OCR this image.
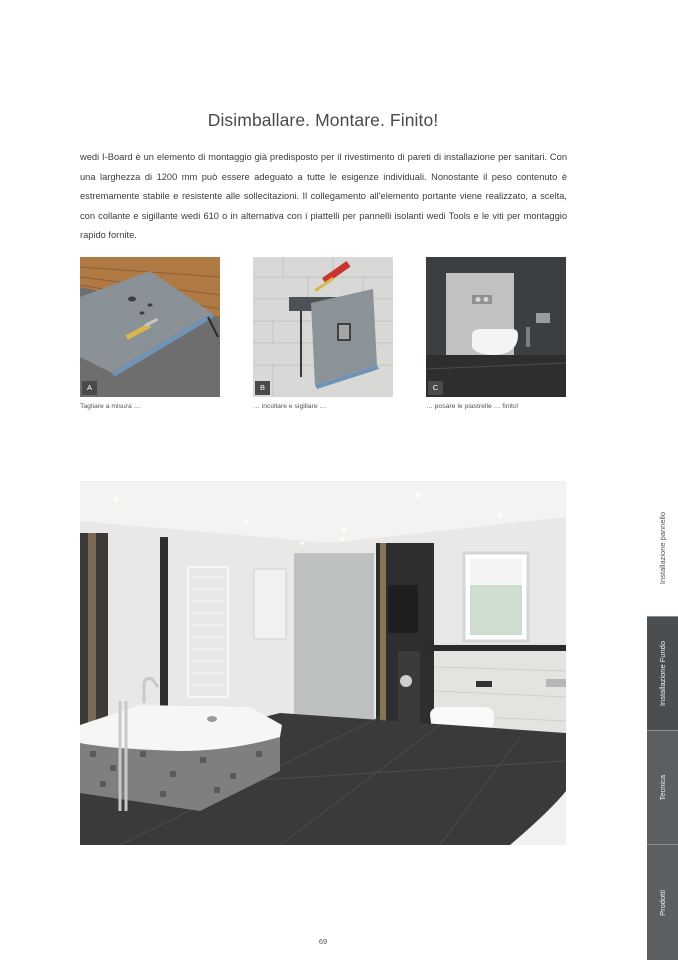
Disimballare. Montare. Finito!
wedi I-Board è un elemento di montaggio già predisposto per il rivestimento di pareti di installazione per sanitari. Con una larghezza di 1200 mm può essere adeguato a tutte le esigenze individuali. Nonostante il peso contenuto è estremamente stabile e resistente alle sollecitazioni. Il collegamento all'elemento portante viene realizzato, a scelta, con collante e sigillante wedi 610 o in alternativa con i piattelli per pannelli isolanti wedi Tools e le viti per montaggio rapido fornite.
A
Tagliare a misura …
B
… incollare e sigillare …
C
… posare le piastrelle … finito!
69
Installazione pannello
Installazione Fundo
Tecnica
Prodotti
